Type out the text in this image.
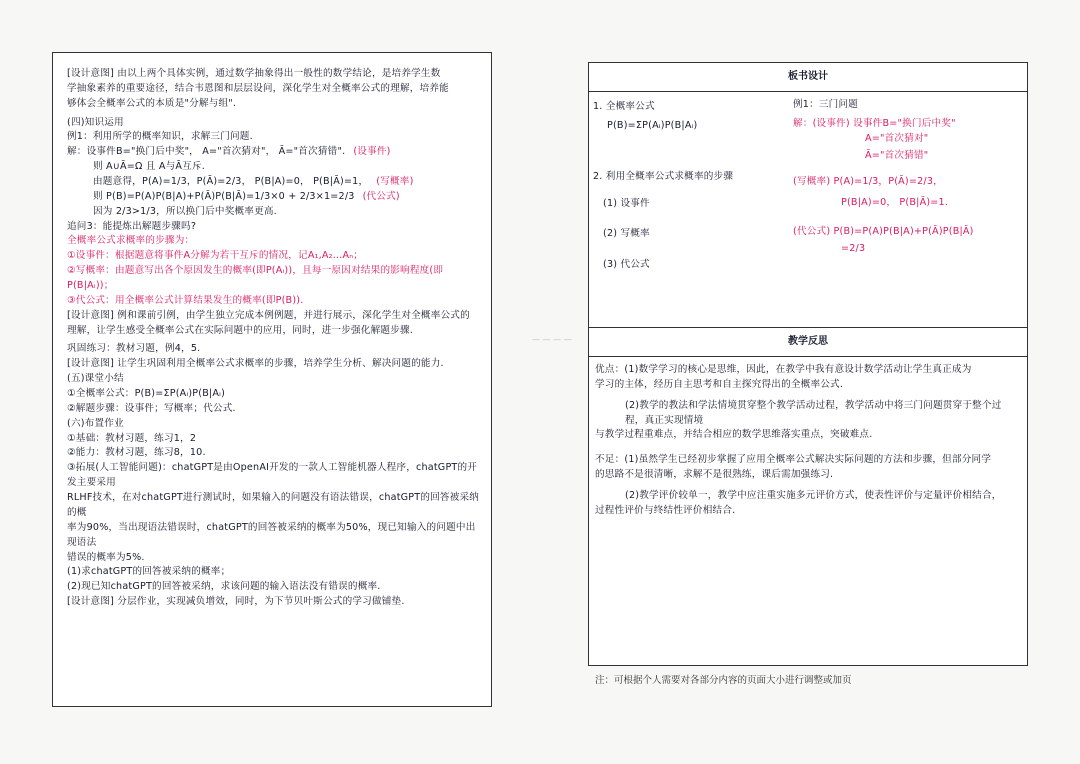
— — — —
[设计意图] 由以上两个具体实例，通过数学抽象得出一般性的数学结论，是培养学生数
学抽象素养的重要途径，结合韦恩图和层层设问，深化学生对全概率公式的理解，培养能
够体会全概率公式的本质是"分解与组".
(四)知识运用
例1：利用所学的概率知识，求解三门问题.
解：设事件B="换门后中奖"， A="首次猜对"， Ā="首次猜错". (设事件)
则 A∪Ā=Ω 且 A与Ā互斥.
由题意得，P(A)=1/3，P(Ā)=2/3， P(B|A)=0， P(B|Ā)=1， (写概率)
则 P(B)=P(A)P(B|A)+P(Ā)P(B|Ā)=1/3×0 + 2/3×1=2/3 (代公式)
因为 2/3>1/3，所以换门后中奖概率更高.
追问3：能提炼出解题步骤吗?
全概率公式求概率的步骤为：
①设事件：根据题意将事件A分解为若干互斥的情况，记A₁,A₂…Aₙ；
②写概率：由题意写出各个原因发生的概率(即P(Aᵢ))，且每一原因对结果的影响程度(即P(B|Aᵢ))；
③代公式：用全概率公式计算结果发生的概率(即P(B)).
[设计意图] 例和课前引例，由学生独立完成本例例题，并进行展示，深化学生对全概率公式的
理解，让学生感受全概率公式在实际问题中的应用，同时，进一步强化解题步骤.
巩固练习：教材习题，例4，5.
[设计意图] 让学生巩固利用全概率公式求概率的步骤，培养学生分析、解决问题的能力.
(五)课堂小结
①全概率公式：P(B)=ΣP(Aᵢ)P(B|Aᵢ)
②解题步骤：设事件；写概率；代公式.
(六)布置作业
①基础：教材习题，练习1，2
②能力：教材习题，练习8，10.
③拓展(人工智能问题)：chatGPT是由OpenAI开发的一款人工智能机器人程序，chatGPT的开发主要采用
RLHF技术，在对chatGPT进行测试时，如果输入的问题没有语法错误，chatGPT的回答被采纳的概
率为90%，当出现语法错误时，chatGPT的回答被采纳的概率为50%，现已知输入的问题中出现语法
错误的概率为5%.
(1)求chatGPT的回答被采纳的概率；
(2)现已知chatGPT的回答被采纳，求该问题的输入语法没有错误的概率.
[设计意图] 分层作业，实现减负增效，同时，为下节贝叶斯公式的学习做铺垫.
板书设计
1. 全概率公式
P(B)=ΣP(Aᵢ)P(B|Aᵢ)
2. 利用全概率公式求概率的步骤
(1) 设事件
(2) 写概率
(3) 代公式
例1：三门问题
解：(设事件) 设事件B="换门后中奖"
A="首次猜对"
Ā="首次猜错"
(写概率) P(A)=1/3，P(Ā)=2/3，
P(B|A)=0， P(B|Ā)=1.
(代公式) P(B)=P(A)P(B|A)+P(Ā)P(B|Ā)
=2/3
教学反思
优点：(1)数学学习的核心是思维，因此，在教学中我有意设计数学活动让学生真正成为
学习的主体，经历自主思考和自主探究得出的全概率公式.
(2)教学的教法和学法情境贯穿整个教学活动过程，教学活动中将三门问题贯穿于整个过程，真正实现情境
与教学过程重难点，并结合相应的数学思维落实重点，突破难点.
不足：(1)虽然学生已经初步掌握了应用全概率公式解决实际问题的方法和步骤，但部分同学
的思路不是很清晰，求解不是很熟练，课后需加强练习.
(2)教学评价较单一，教学中应注重实施多元评价方式，使表性评价与定量评价相结合，
过程性评价与终结性评价相结合.
注：可根据个人需要对各部分内容的页面大小进行调整或加页
